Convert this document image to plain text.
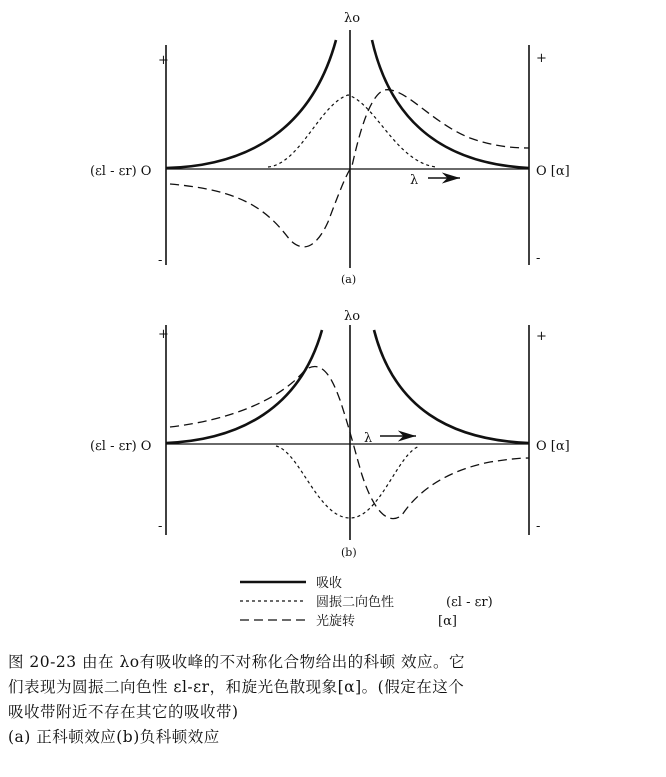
λo
+
-
+
-
(εl - εr) O	O [α]
λ
(a)
λo
+
-
+
-
(εl - εr) O	O [α]
λ
(b)
吸收
圆振二向色性	(εl - εr)
光旋转	[α]

图 20-23 由在 λo有吸收峰的不对称化合物给出的科顿 效应。它

们表现为圆振二向色性 εl-εr，和旋光色散现象[α]。(假定在这个

吸收带附近不存在其它的吸收带)

(a) 正科顿效应(b)负科顿效应
